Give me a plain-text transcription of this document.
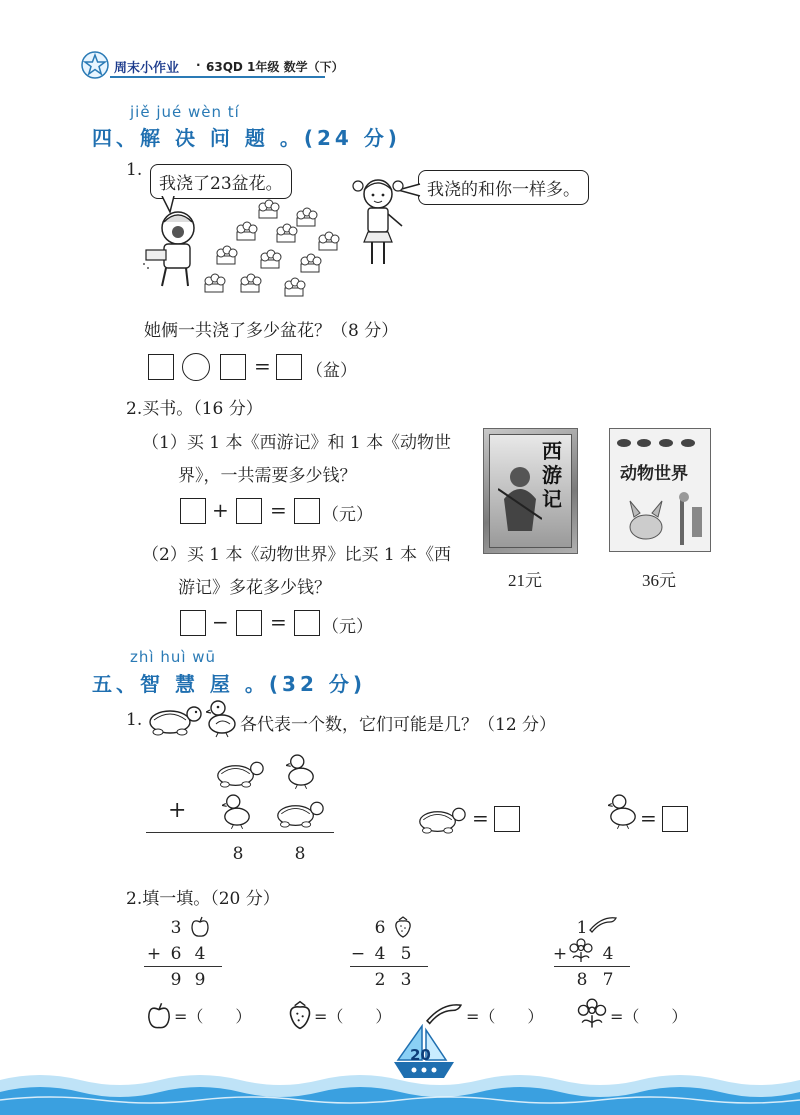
周末小作业 · 63QD 1年级 数学（下）
jiě jué wèn tí
四、解 决 问 题 。(24 分)
1.
我浇了23盆花。	我浇的和你一样多。
她俩一共浇了多少盆花？（8 分）
= （盆）
2.买书。（16 分）
（1）买 1 本《西游记》和 1 本《动物世
界》，一共需要多少钱？
+ = （元）
（2）买 1 本《动物世界》比买 1 本《西
游记》多花多少钱？
− = （元）
西游记
21元
动物世界
36元
zhì huì wū
五、智 慧 屋 。(32 分)
1.	各代表一个数，它们可能是几？（12 分）
+
8	8
=	=
2.填一填。（20 分）
3
+ 6 4
9 9
6
− 4 5
2 3
1
+ 4
8 7
=（　　）	=（　　）	=（　　）	=（　　）
20
